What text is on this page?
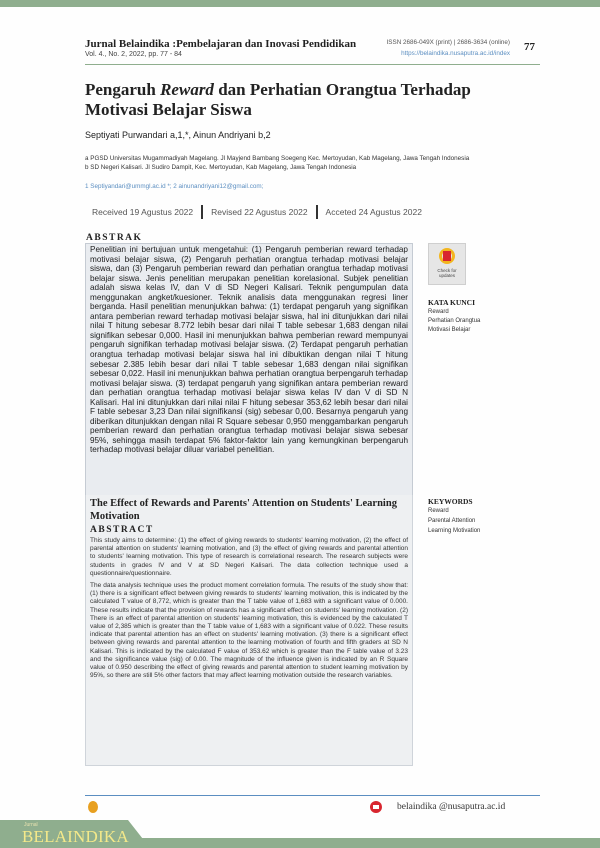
Jurnal Belaindika :Pembelajaran dan Inovasi Pendidikan
Vol. 4., No. 2, 2022, pp. 77 - 84
ISSN 2686-049X (print) | 2686-3634 (online)
https://belaindika.nusaputra.ac.id/index
77
Pengaruh Reward dan Perhatian Orangtua Terhadap Motivasi Belajar Siswa
Septiyati Purwandari a,1,*, Ainun Andriyani b,2
a PGSD Universitas Mugammadiyah Magelang. Jl Mayjend Bambang Soegeng Kec. Mertoyudan, Kab Magelang, Jawa Tengah Indonesia
b SD Negeri Kalisari. Jl Sudiro Dampit, Kec. Mertoyudan, Kab Magelang, Jawa Tengah Indonesia
1 Septiyandari@ummgl.ac.id *; 2 ainunandriyani12@gmail.com;
Received 19 Agustus 2022 Revised 22 Agustus 2022 Acceted 24 Agustus 2022
ABSTRAK
Penelitian ini bertujuan untuk mengetahui: (1) Pengaruh pemberian reward terhadap motivasi belajar siswa, (2) Pengaruh perhatian orangtua terhadap motivasi belajar siswa, dan (3) Pengaruh pemberian reward dan perhatian orangtua terhadap motivasi belajar siswa. Jenis penelitian merupakan penelitian korelasional. Subjek penelitian adalah siswa kelas IV, dan V di SD Negeri Kalisari. Teknik pengumpulan data menggunakan angket/kuesioner. Teknik analisis data menggunakan regresi liner berganda. Hasil penelitian menunjukkan bahwa: (1) terdapat pengaruh yang signifikan antara pemberian reward terhadap motivasi belajar siswa, hal ini ditunjukkan dari nilai nilai T hitung sebesar 8.772 lebih besar dari nilai T table sebesar 1,683 dengan nilai signifikan sebesar 0,000. Hasil ini menunjukkan bahwa pemberian reward mempunyai pengaruh signifikan terhadap motivasi belajar siswa. (2) Terdapat pengaruh perhatian orangtua terhadap motivasi belajar siswa hal ini dibuktikan dengan nilai T hitung sebesar 2.385 lebih besar dari nilai T table sebesar 1,683 dengan nilai signifikan sebesar 0,022. Hasil ini menunjukkan bahwa perhatian orangtua berpengaruh terhadap motivasi belajar siswa. (3) terdapat pengaruh yang signifikan antara pemberian reward dan perhatian orangtua terhadap motivasi belajar siswa kelas IV dan V di SD N Kalisari. Hal ini ditunjukkan dari nilai nilai F hitung sebesar 353,62 lebih besar dari nilai F table sebesar 3,23 Dan nilai signifikansi (sig) sebesar 0,00. Besarnya pengaruh yang diberikan ditunjukkan dengan nilai R Square sebesar 0,950 menggambarkan pengaruh pemberian reward dan perhatian orangtua terhadap motivasi belajar siswa sebesar 95%, sehingga masih terdapat 5% faktor-faktor lain yang kemungkinan berpengaruh terhadap motivasi belajar diluar variabel penelitian.
The Effect of Rewards and Parents' Attention on Students' Learning Motivation
ABSTRACT

This study aims to determine: (1) the effect of giving rewards to students' learning motivation, (2) the effect of parental attention on students' learning motivation, and (3) the effect of giving rewards and parental attention to students' learning motivation. This type of research is correlational research. The research subjects were students in grades IV and V at SD Negeri Kalisari. The data collection technique used a questionnaire/questionnaire.

The data analysis technique uses the product moment correlation formula. The results of the study show that: (1) there is a significant effect between giving rewards to students' learning motivation, this is indicated by the calculated T value of 8,772, which is greater than the T table value of 1,683 with a significant value of 0.000. These results indicate that the provision of rewards has a significant effect on students' learning motivation. (2) There is an effect of parental attention on students' learning motivation, this is evidenced by the calculated T value of 2,385 which is greater than the T table value of 1,683 with a significant value of 0.022. These results indicate that parental attention has an effect on students' learning motivation. (3) there is a significant effect between giving rewards and parental attention to the learning motivation of fourth and fifth graders at SD N Kalisari. This is indicated by the calculated F value of 353.62 which is greater than the F table value of 3.23 and the significance value (sig) of 0.00. The magnitude of the influence given is indicated by an R Square value of 0.950 describing the effect of giving rewards and parental attention to student learning motivation by 95%, so there are still 5% other factors that may affect learning motivation outside the research variables.

Check for
updates
KATA KUNCI
Reward
Perhatian Orangtua
Motivasi Belajar
KEYWORDS
Reward
Parental Attention
Learning Motivation
belaindika @nusaputra.ac.id
Jurnal
BELAINDIKA
